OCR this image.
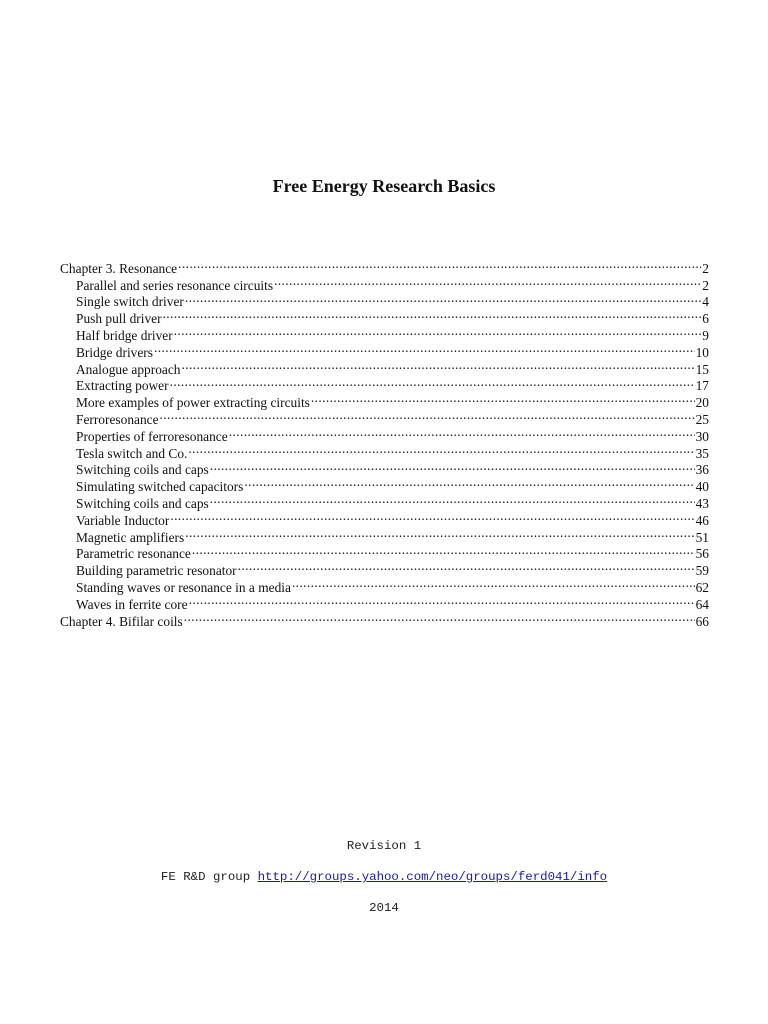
Free Energy Research Basics
Chapter 3. Resonance .....	2
Parallel and series resonance circuits .....	2
Single switch driver .....	4
Push pull driver .....	6
Half bridge driver .....	9
Bridge drivers .....	10
Analogue approach .....	15
Extracting power .....	17
More examples of power extracting circuits .....	20
Ferroresonance .....	25
Properties of ferroresonance .....	30
Tesla switch and Co. .....	35
Switching coils and caps .....	36
Simulating switched capacitors .....	40
Switching coils and caps .....	43
Variable Inductor .....	46
Magnetic amplifiers .....	51
Parametric resonance .....	56
Building parametric resonator .....	59
Standing waves or resonance in a media .....	62
Waves in ferrite core .....	64
Chapter 4. Bifilar coils .....	66
Revision 1
FE R&D group http://groups.yahoo.com/neo/groups/ferd041/info
2014
